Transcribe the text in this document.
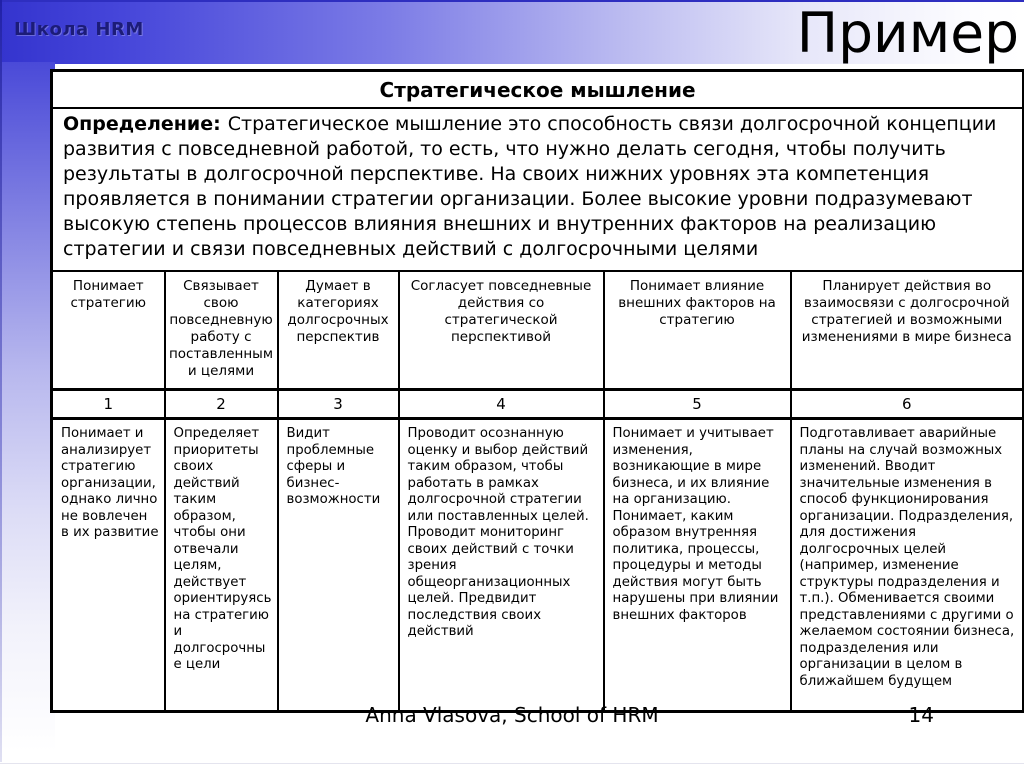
Школа HRM	Пример
Стратегическое мышление					
Определение: Стратегическое мышление это способность связи долгосрочной концепции развития с повседневной работой, то есть, что нужно делать сегодня, чтобы получить результаты в долгосрочной перспективе. На своих нижних уровнях эта компетенция проявляется в понимании стратегии организации. Более высокие уровни подразумевают высокую степень процессов влияния внешних и внутренних факторов на реализацию стратегии и связи повседневных действий с долгосрочными целями					
Понимает стратегию	Связывает свою повседневную работу с поставленными целями	Думает в категориях долгосрочных перспектив	Согласует повседневные действия со стратегической перспективой	Понимает влияние внешних факторов на стратегию	Планирует действия во взаимосвязи с долгосрочной стратегией и возможными изменениями в мире бизнеса
1	2	3	4	5	6
Понимает и анализирует стратегию организации, однако лично не вовлечен в их развитие	Определяет приоритеты своих действий таким образом, чтобы они отвечали целям, действует ориентируясь на стратегию и долгосрочные цели	Видит проблемные сферы и бизнес-возможности	Проводит осознанную оценку и выбор действий таким образом, чтобы работать в рамках долгосрочной стратегии или поставленных целей. Проводит мониторинг своих действий с точки зрения общеорганизационных целей. Предвидит последствия своих действий	Понимает и учитывает изменения, возникающие в мире бизнеса, и их влияние на организацию. Понимает, каким образом внутренняя политика, процессы, процедуры и методы действия могут быть нарушены при влиянии внешних факторов	Подготавливает аварийные планы на случай возможных изменений. Вводит значительные изменения в способ функционирования организации. Подразделения, для достижения долгосрочных целей (например, изменение структуры подразделения и т.п.). Обменивается своими представлениями с другими о желаемом состоянии бизнеса, подразделения или организации в целом в ближайшем будущем
Anna Vlasova, School of HRM	14
